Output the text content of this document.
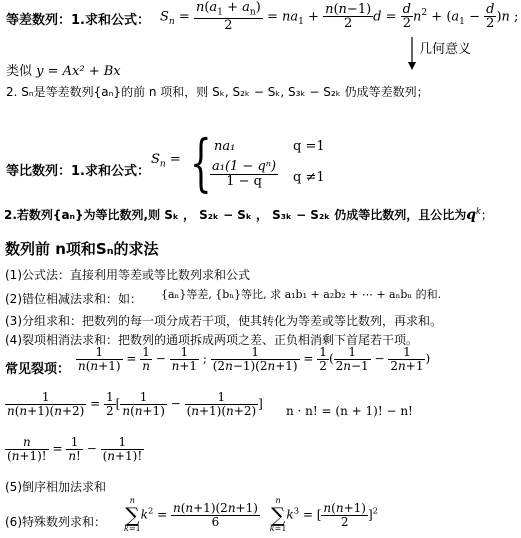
等差数列：1.求和公式： $S_n = \frac{n(a_1 + a_n)}{2} = na_1 + \frac{n(n-1)}{2}$ $d = \frac{d}{2} n^2 + (a_1 - \frac{d}{2} )n$ ;
几何意义
类似 y = Ax² + Bx
2. Sₙ是等差数列{aₙ}的前 n 项和，则 Sₖ, S₂ₖ − Sₖ, S₃ₖ − S₂ₖ 仍成等差数列；
等比数列：1.求和公式：
$S_n$ = { na₁	q =1
$\frac{\text{a₁(1 − qⁿ)}}{1 - q}$ q ≠1
2.若数列{aₙ}为等比数列,则 Sₖ ， S₂ₖ − Sₖ ， S₃ₖ − S₂ₖ 仍成等比数列，且公比为$q^k$；
数列前 n项和Sₙ的求法
(1)公式法：直接利用等差或等比数列求和公式
(2)错位相减法求和：如： {aₙ}等差, {bₙ}等比, 求 a₁b₁ + a₂b₂ + ⋯ + aₙbₙ 的和.
(3)分组求和：把数列的每一项分成若干项，使其转化为等差或等比数列，再求和。
(4)裂项相消法求和：把数列的通项拆成两项之差、正负相消剩下首尾若干项。
常见裂项： $\frac{1}{n(n+1)} = \frac{1}{n} - \frac{1}{n+1}$ ; $\frac{1}{(2n-1)(2n+1)} = \frac{1}{2}$ ( $\frac{1}{2n-1} - \frac{1}{2n+1}$ )
$\frac{1}{n(n+1)(n+2)} = \frac{1}{2}$ [ $\frac{1}{n(n+1)} - \frac{1}{(n+1)(n+2)}$ ]
n · n! = (n + 1)! − n!
$\frac{n}{(n+1)!} = \frac{1}{n!} - \frac{1}{(n+1)!}$
(5)倒序相加法求和
(6)特殊数列求和：
n
∑
k=1
$k^2 = \frac{n(n+1)(2n+1)}{6}$

n
∑
k=1
$k^3$ = [ $\frac{n(n+1)}{2} ]^2$
